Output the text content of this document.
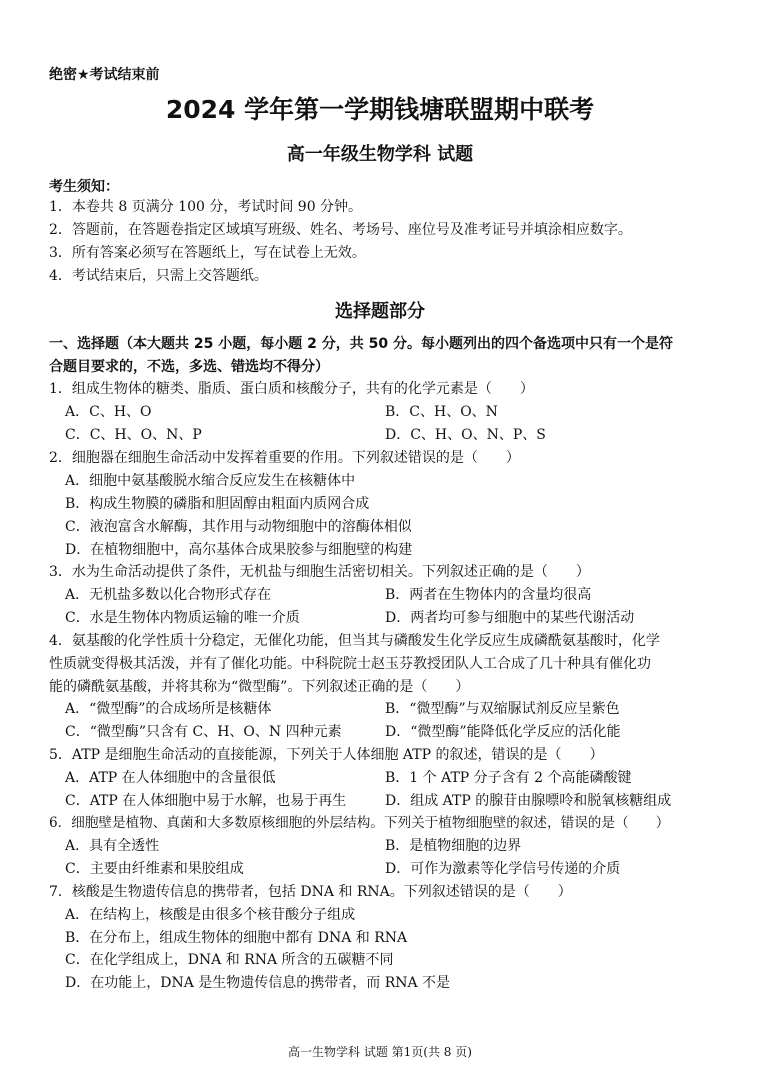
绝密★考试结束前
2024 学年第一学期钱塘联盟期中联考
高一年级生物学科 试题
考生须知：
1．本卷共 8 页满分 100 分，考试时间 90 分钟。
2．答题前，在答题卷指定区域填写班级、姓名、考场号、座位号及准考证号并填涂相应数字。
3．所有答案必须写在答题纸上，写在试卷上无效。
4．考试结束后，只需上交答题纸。
选择题部分
一、选择题（本大题共 25 小题，每小题 2 分，共 50 分。每小题列出的四个备选项中只有一个是符
合题目要求的，不选，多选、错选均不得分）
1．组成生物体的糖类、脂质、蛋白质和核酸分子，共有的化学元素是（　　）
A．C、H、O	B．C、H、O、N
C．C、H、O、N、P	D．C、H、O、N、P、S
2．细胞器在细胞生命活动中发挥着重要的作用。下列叙述错误的是（　　）
A．细胞中氨基酸脱水缩合反应发生在核糖体中
B．构成生物膜的磷脂和胆固醇由粗面内质网合成
C．液泡富含水解酶，其作用与动物细胞中的溶酶体相似
D．在植物细胞中，高尔基体合成果胶参与细胞壁的构建
3．水为生命活动提供了条件，无机盐与细胞生活密切相关。下列叙述正确的是（　　）
A．无机盐多数以化合物形式存在	B．两者在生物体内的含量均很高
C．水是生物体内物质运输的唯一介质	D．两者均可参与细胞中的某些代谢活动
4．氨基酸的化学性质十分稳定，无催化功能，但当其与磷酸发生化学反应生成磷酰氨基酸时，化学
性质就变得极其活泼，并有了催化功能。中科院院士赵玉芬教授团队人工合成了几十种具有催化功
能的磷酰氨基酸，并将其称为“微型酶”。下列叙述正确的是（　　）
A．“微型酶”的合成场所是核糖体	B．“微型酶”与双缩脲试剂反应呈紫色
C．“微型酶”只含有 C、H、O、N 四种元素	D．“微型酶”能降低化学反应的活化能
5．ATP 是细胞生命活动的直接能源，下列关于人体细胞 ATP 的叙述，错误的是（　　）
A．ATP 在人体细胞中的含量很低	B．1 个 ATP 分子含有 2 个高能磷酸键
C．ATP 在人体细胞中易于水解，也易于再生	D．组成 ATP 的腺苷由腺嘌呤和脱氧核糖组成
6．细胞壁是植物、真菌和大多数原核细胞的外层结构。下列关于植物细胞壁的叙述，错误的是（　　）
A．具有全透性	B．是植物细胞的边界
C．主要由纤维素和果胶组成	D．可作为激素等化学信号传递的介质
7．核酸是生物遗传信息的携带者，包括 DNA 和 RNA。下列叙述错误的是（　　）
A．在结构上，核酸是由很多个核苷酸分子组成
B．在分布上，组成生物体的细胞中都有 DNA 和 RNA
C．在化学组成上，DNA 和 RNA 所含的五碳糖不同
D．在功能上，DNA 是生物遗传信息的携带者，而 RNA 不是
高一生物学科 试题 第1页(共 8 页)
